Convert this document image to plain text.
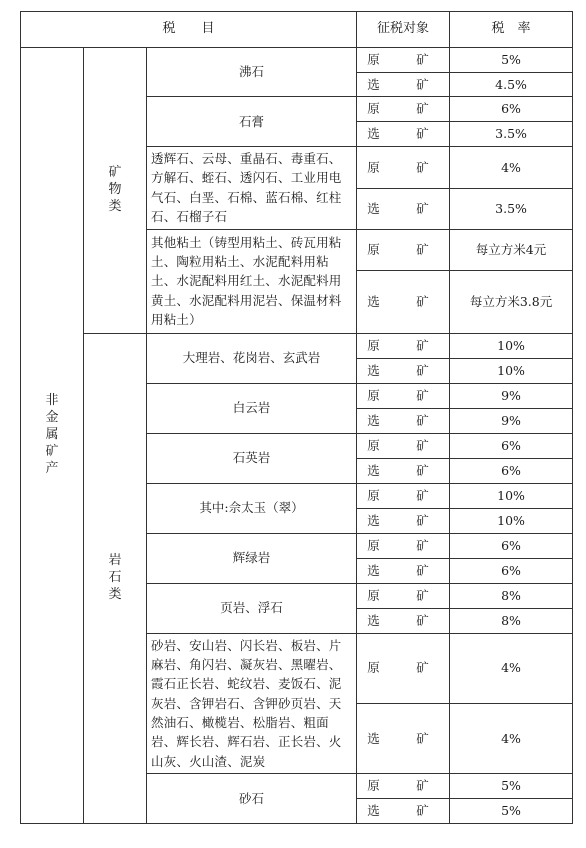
税　　目			征税对象	税　率
非金属矿产	矿物类	沸石	原　矿	5%
			选　矿	4.5%
		石膏	原　矿	6%
			选　矿	3.5%
		透辉石、云母、重晶石、毒重石、方解石、蛭石、透闪石、工业用电气石、白垩、石棉、蓝石棉、红柱石、石榴子石	原　矿	4%
			选　矿	3.5%
		其他粘土（铸型用粘土、砖瓦用粘土、陶粒用粘土、水泥配料用粘土、水泥配料用红土、水泥配料用黄土、水泥配料用泥岩、保温材料用粘土）	原　矿	每立方米4元

			选　矿	每立方米3.8元

	岩石类	大理岩、花岗岩、玄武岩	原　矿	10%
			选　矿	10%
		白云岩	原　矿	9%
			选　矿	9%
		石英岩	原　矿	6%
			选　矿	6%
		其中:佘太玉（翠）	原　矿	10%
			选　矿	10%
		辉绿岩	原　矿	6%
			选　矿	6%
		页岩、浮石	原　矿	8%
			选　矿	8%
		砂岩、安山岩、闪长岩、板岩、片麻岩、角闪岩、凝灰岩、黑曜岩、霞石正长岩、蛇纹岩、麦饭石、泥灰岩、含钾岩石、含钾砂页岩、天然油石、橄榄岩、松脂岩、粗面岩、辉长岩、辉石岩、正长岩、火山灰、火山渣、泥炭	原　矿	4%
			选　矿	4%
		砂石	原　矿	5%
			选　矿	5%
